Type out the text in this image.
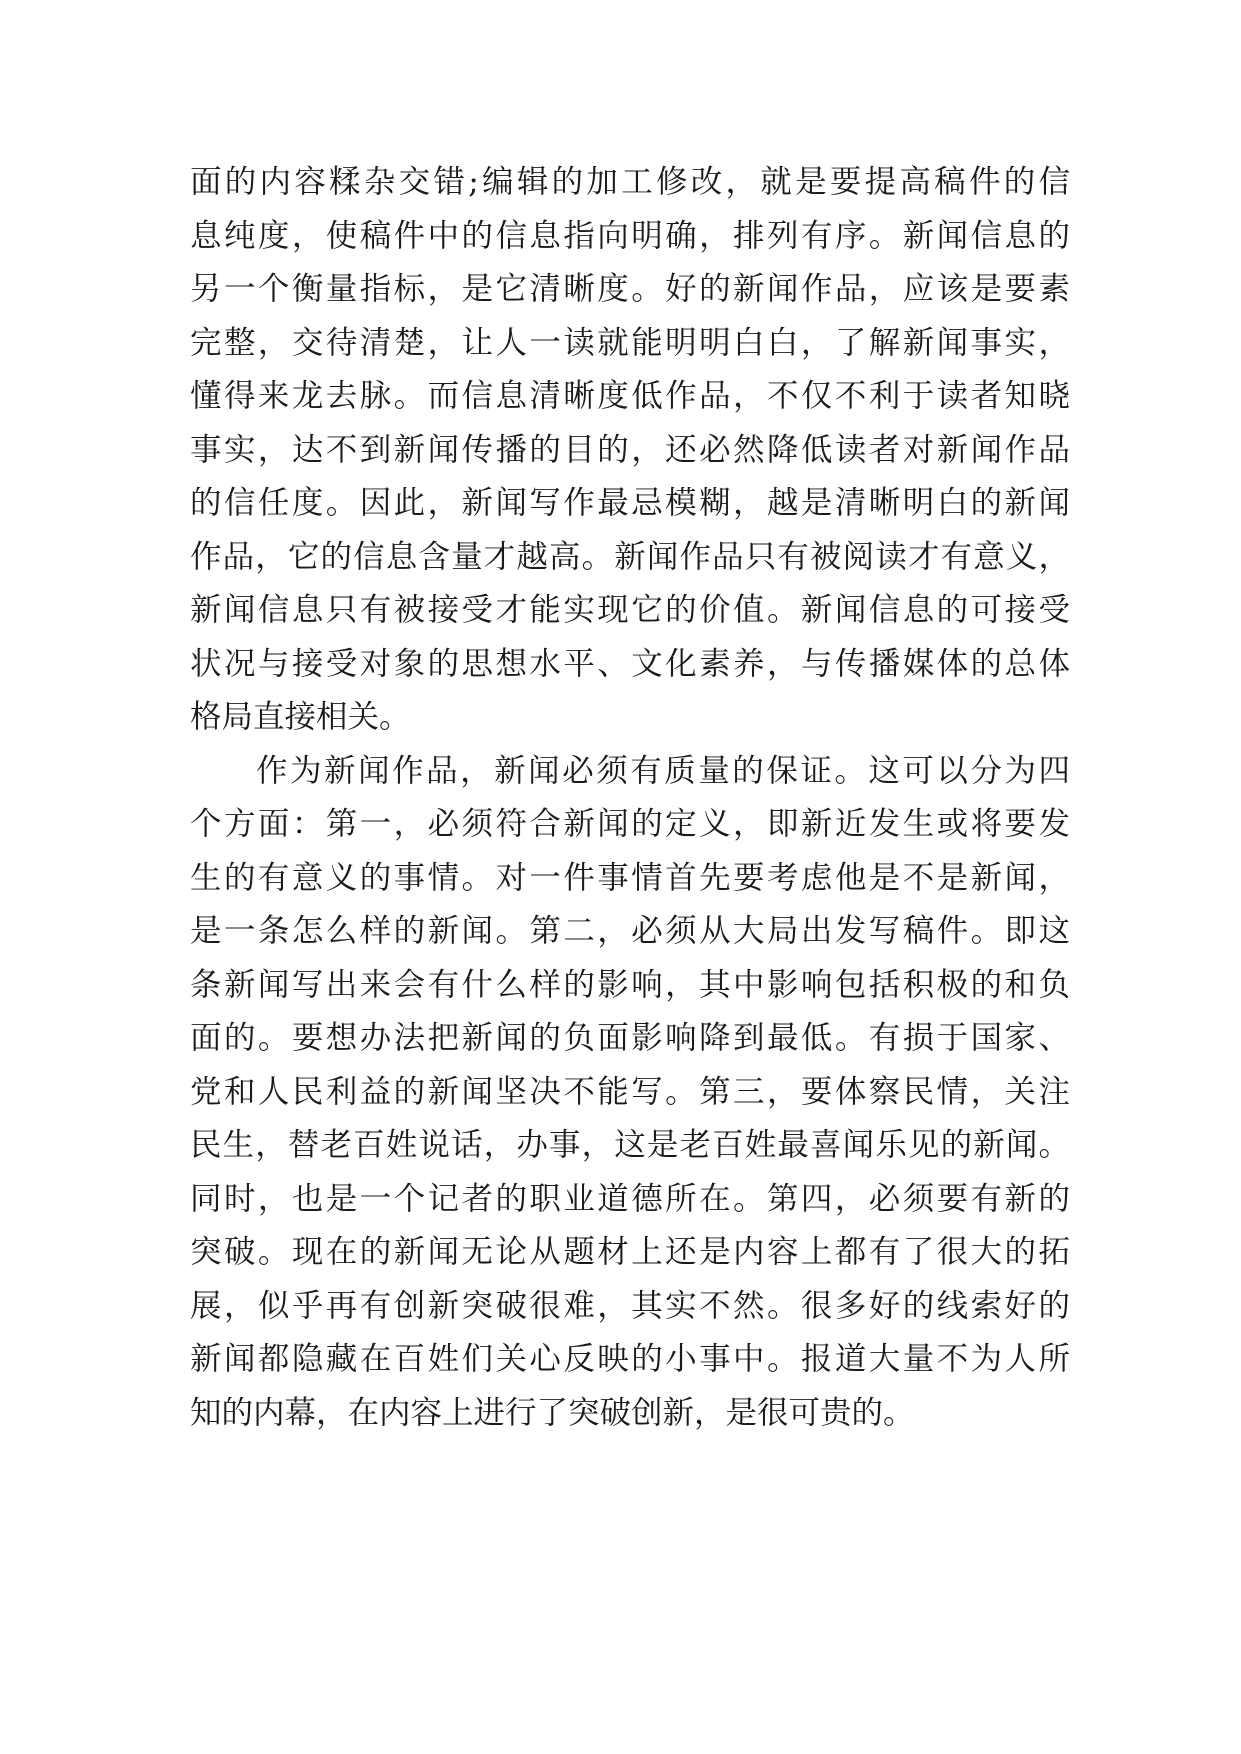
面的内容糅杂交错;编辑的加工修改，就是要提高稿件的信
息纯度，使稿件中的信息指向明确，排列有序。新闻信息的
另一个衡量指标，是它清晰度。好的新闻作品，应该是要素
完整，交待清楚，让人一读就能明明白白，了解新闻事实，
懂得来龙去脉。而信息清晰度低作品，不仅不利于读者知晓
事实，达不到新闻传播的目的，还必然降低读者对新闻作品
的信任度。因此，新闻写作最忌模糊，越是清晰明白的新闻
作品，它的信息含量才越高。新闻作品只有被阅读才有意义，
新闻信息只有被接受才能实现它的价值。新闻信息的可接受
状况与接受对象的思想水平、文化素养，与传播媒体的总体
格局直接相关。
作为新闻作品，新闻必须有质量的保证。这可以分为四
个方面：第一，必须符合新闻的定义，即新近发生或将要发
生的有意义的事情。对一件事情首先要考虑他是不是新闻，
是一条怎么样的新闻。第二，必须从大局出发写稿件。即这
条新闻写出来会有什么样的影响，其中影响包括积极的和负
面的。要想办法把新闻的负面影响降到最低。有损于国家、
党和人民利益的新闻坚决不能写。第三，要体察民情，关注
民生，替老百姓说话，办事，这是老百姓最喜闻乐见的新闻。
同时，也是一个记者的职业道德所在。第四，必须要有新的
突破。现在的新闻无论从题材上还是内容上都有了很大的拓
展，似乎再有创新突破很难，其实不然。很多好的线索好的
新闻都隐藏在百姓们关心反映的小事中。报道大量不为人所
知的内幕，在内容上进行了突破创新，是很可贵的。
